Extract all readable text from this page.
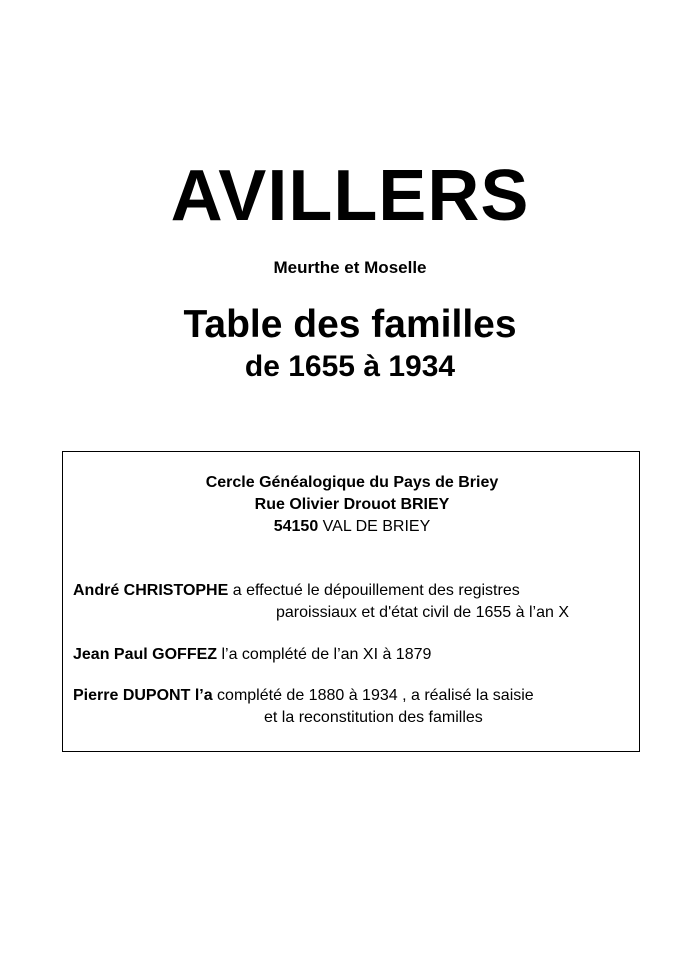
AVILLERS
Meurthe et Moselle
Table des familles
de 1655 à 1934
Cercle Généalogique du Pays de Briey
Rue Olivier Drouot BRIEY
54150 VAL DE BRIEY
André CHRISTOPHE a effectué le dépouillement des registres
paroissiaux et d'état civil de 1655 à l’an X
Jean Paul GOFFEZ l’a complété de l’an XI à 1879
Pierre DUPONT l’a complété de 1880 à 1934 , a réalisé la saisie
et la reconstitution des familles
